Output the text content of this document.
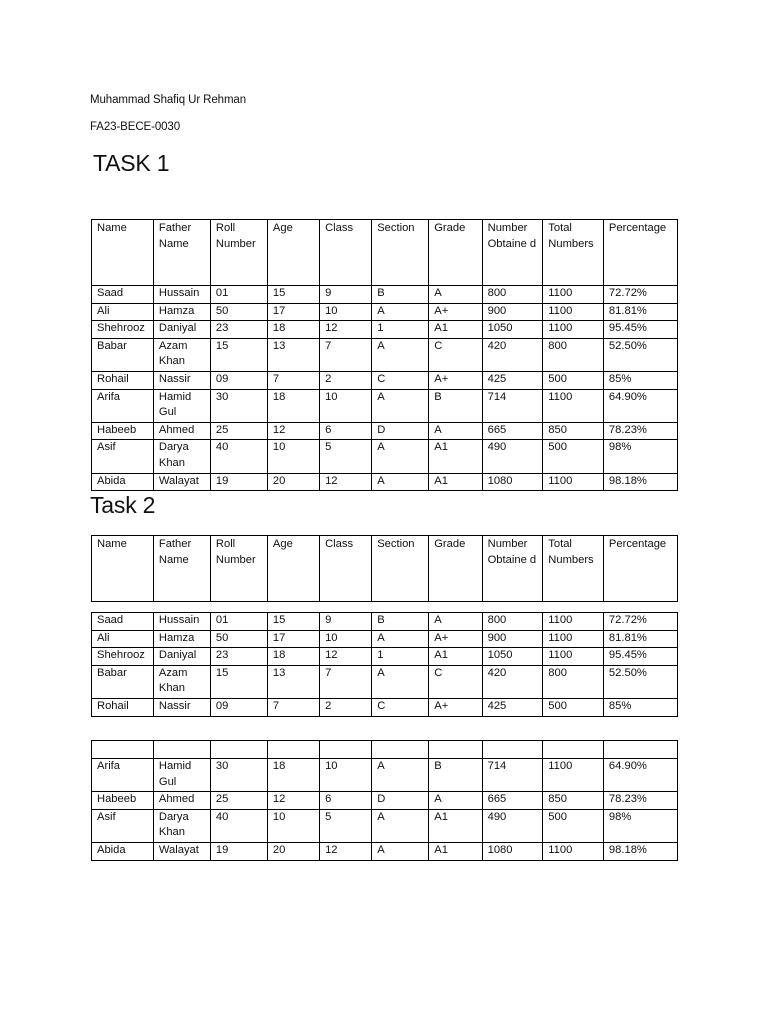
Muhammad Shafiq Ur Rehman
FA23-BECE-0030
TASK 1
Name	Father Name	Roll Number	Age	Class	Section	Grade	Number Obtaine d	Total Numbers	Percentage
Saad	Hussain	01	15	9	B	A	800	1100	72.72%
Ali	Hamza	50	17	10	A	A+	900	1100	81.81%
Shehrooz	Daniyal	23	18	12	1	A1	1050	1100	95.45%
Babar	Azam Khan	15	13	7	A	C	420	800	52.50%
Rohail	Nassir	09	7	2	C	A+	425	500	85%
Arifa	Hamid Gul	30	18	10	A	B	714	1100	64.90%
Habeeb	Ahmed	25	12	6	D	A	665	850	78.23%
Asif	Darya Khan	40	10	5	A	A1	490	500	98%
Abida	Walayat	19	20	12	A	A1	1080	1100	98.18%
Task 2
Name	Father Name	Roll Number	Age	Class	Section	Grade	Number Obtaine d	Total Numbers	Percentage
Saad	Hussain	01	15	9	B	A	800	1100	72.72%
Ali	Hamza	50	17	10	A	A+	900	1100	81.81%
Shehrooz	Daniyal	23	18	12	1	A1	1050	1100	95.45%
Babar	Azam Khan	15	13	7	A	C	420	800	52.50%
Rohail	Nassir	09	7	2	C	A+	425	500	85%

Arifa	Hamid Gul	30	18	10	A	B	714	1100	64.90%
Habeeb	Ahmed	25	12	6	D	A	665	850	78.23%
Asif	Darya Khan	40	10	5	A	A1	490	500	98%
Abida	Walayat	19	20	12	A	A1	1080	1100	98.18%
